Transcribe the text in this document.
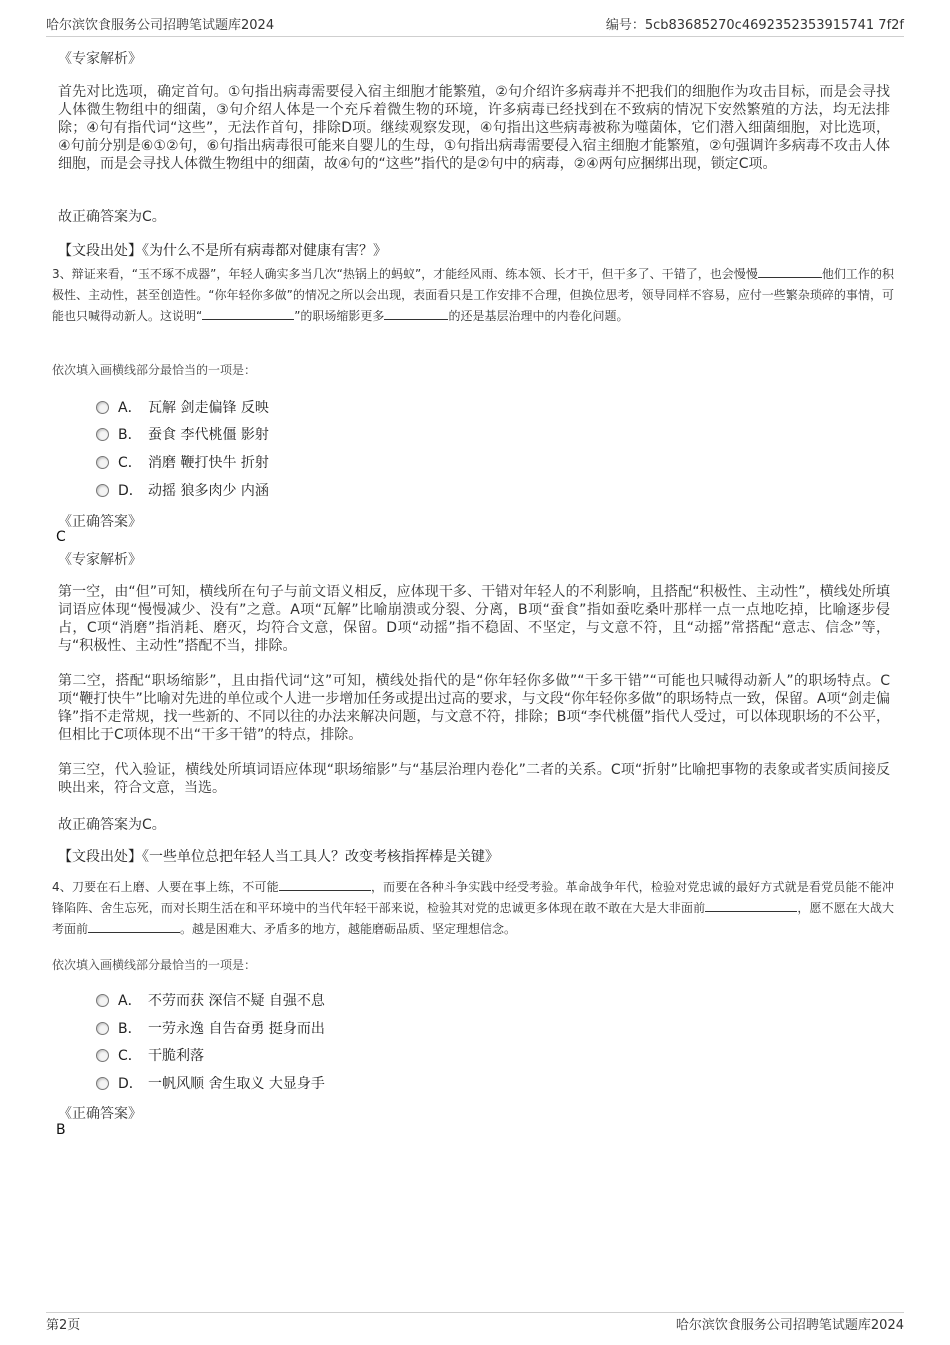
哈尔滨饮食服务公司招聘笔试题库2024	编号：5cb83685270c4692352353915741 7f2f
《专家解析》

首先对比选项，确定首句。①句指出病毒需要侵入宿主细胞才能繁殖，②句介绍许多病毒并不把我们的细胞作为攻击目标，而是会寻找人体微生物组中的细菌，③句介绍人体是一个充斥着微生物的环境，许多病毒已经找到在不致病的情况下安然繁殖的方法，均无法排除；④句有指代词“这些”，无法作首句，排除D项。继续观察发现，④句指出这些病毒被称为噬菌体，它们潜入细菌细胞，对比选项，④句前分别是⑥①②句，⑥句指出病毒很可能来自婴儿的生母，①句指出病毒需要侵入宿主细胞才能繁殖，②句强调许多病毒不攻击人体细胞，而是会寻找人体微生物组中的细菌，故④句的“这些”指代的是②句中的病毒，②④两句应捆绑出现，锁定C项。

故正确答案为C。
【文段出处】《为什么不是所有病毒都对健康有害？》

3、辩证来看，“玉不琢不成器”，年轻人确实多当几次“热锅上的蚂蚁”，才能经风雨、练本领、长才干，但干多了、干错了，也会慢慢	他们工作的积极性、主动性，甚至创造性。“你年轻你多做”的情况之所以会出现，表面看只是工作安排不合理，但换位思考，领导同样不容易，应付一些繁杂琐碎的事情，可能也只喊得动新人。这说明“	”的职场缩影更多	的还是基层治理中的内卷化问题。

依次填入画横线部分最恰当的一项是：
A． 瓦解 剑走偏锋 反映
B． 蚕食 李代桃僵 影射
C． 消磨 鞭打快牛 折射
D． 动摇 狼多肉少 内涵
《正确答案》
C
《专家解析》

第一空，由“但”可知，横线所在句子与前文语义相反，应体现干多、干错对年轻人的不利影响，且搭配“积极性、主动性”，横线处所填词语应体现“慢慢减少、没有”之意。A项“瓦解”比喻崩溃或分裂、分离，B项“蚕食”指如蚕吃桑叶那样一点一点地吃掉，比喻逐步侵占，C项“消磨”指消耗、磨灭，均符合文意，保留。D项“动摇”指不稳固、不坚定，与文意不符，且“动摇”常搭配“意志、信念”等，与“积极性、主动性”搭配不当，排除。

第二空，搭配“职场缩影”，且由指代词“这”可知，横线处指代的是“你年轻你多做”“干多干错”“可能也只喊得动新人”的职场特点。C项“鞭打快牛”比喻对先进的单位或个人进一步增加任务或提出过高的要求，与文段“你年轻你多做”的职场特点一致，保留。A项“剑走偏锋”指不走常规，找一些新的、不同以往的办法来解决问题，与文意不符，排除；B项“李代桃僵”指代人受过，可以体现职场的不公平，但相比于C项体现不出“干多干错”的特点，排除。

第三空，代入验证，横线处所填词语应体现“职场缩影”与“基层治理内卷化”二者的关系。C项“折射”比喻把事物的表象或者实质间接反映出来，符合文意，当选。

故正确答案为C。
【文段出处】《一些单位总把年轻人当工具人？改变考核指挥棒是关键》

4、刀要在石上磨、人要在事上练，不可能	，而要在各种斗争实践中经受考验。革命战争年代，检验对党忠诚的最好方式就是看党员能不能冲锋陷阵、舍生忘死，而对长期生活在和平环境中的当代年轻干部来说，检验其对党的忠诚更多体现在敢不敢在大是大非面前	，愿不愿在大战大考面前	。越是困难大、矛盾多的地方，越能磨砺品质、坚定理想信念。

依次填入画横线部分最恰当的一项是：
A． 不劳而获 深信不疑 自强不息
B． 一劳永逸 自告奋勇 挺身而出
C． 干脆利落
D． 一帆风顺 舍生取义 大显身手
《正确答案》
B
第2页	哈尔滨饮食服务公司招聘笔试题库2024
